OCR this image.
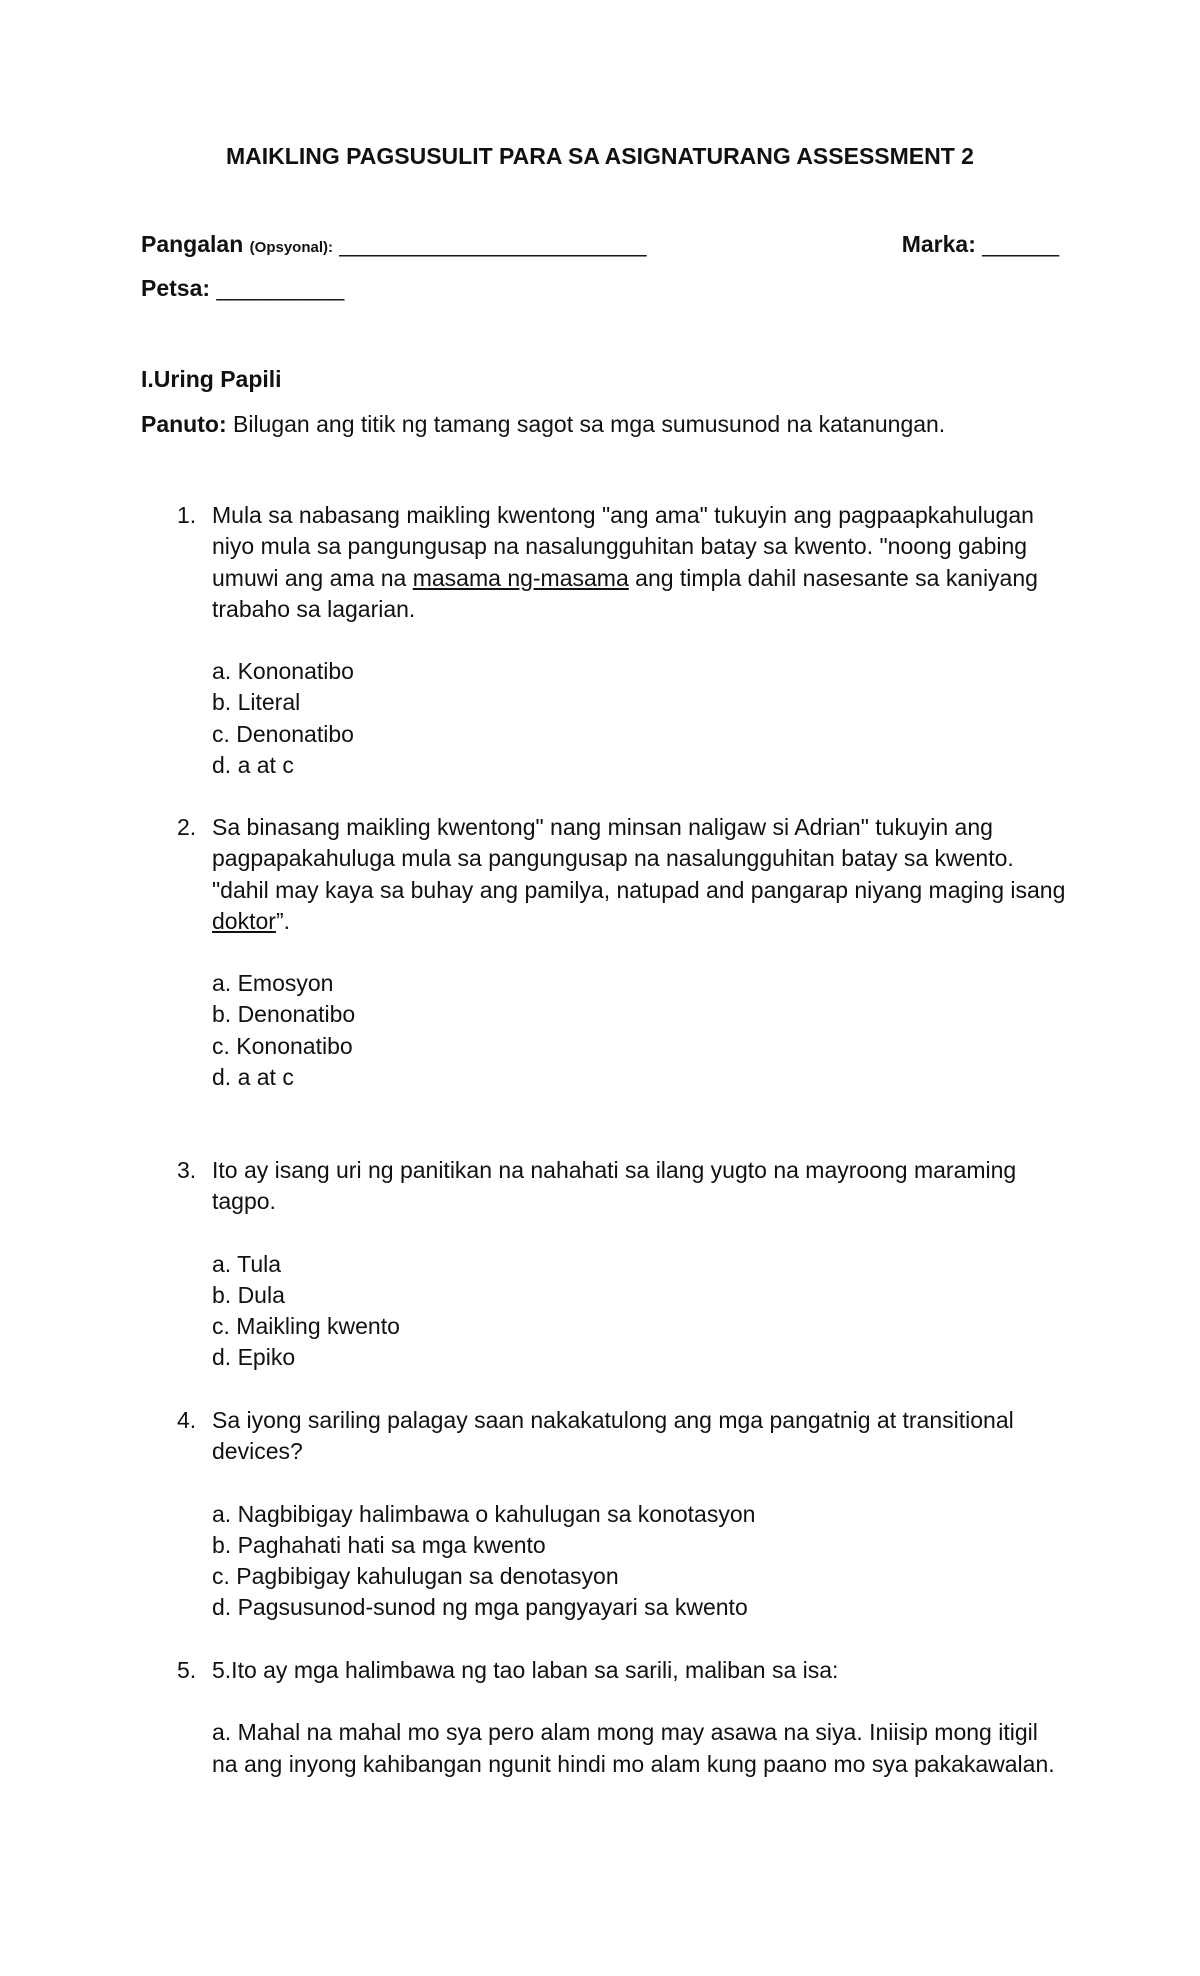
MAIKLING PAGSUSULIT PARA SA ASIGNATURANG ASSESSMENT 2
Pangalan (Opsyonal): ________________________	Marka: ______
Petsa: __________
I.Uring Papili
Panuto: Bilugan ang titik ng tamang sagot sa mga sumusunod na katanungan.
1. Mula sa nabasang maikling kwentong "ang ama" tukuyin ang pagpaapkahulugan niyo mula sa pangungusap na nasalungguhitan batay sa kwento. "noong gabing umuwi ang ama na masama ng-masama ang timpla dahil nasesante sa kaniyang trabaho sa lagarian.
a. Kononatibo
b. Literal
c. Denonatibo
d. a at c
2. Sa binasang maikling kwentong" nang minsan naligaw si Adrian" tukuyin ang pagpapakahuluga mula sa pangungusap na nasalungguhitan batay sa kwento. "dahil may kaya sa buhay ang pamilya, natupad and pangarap niyang maging isang doktor”.
a. Emosyon
b. Denonatibo
c. Kononatibo
d. a at c
3. Ito ay isang uri ng panitikan na nahahati sa ilang yugto na mayroong maraming tagpo.
a. Tula
b. Dula
c. Maikling kwento
d. Epiko
4. Sa iyong sariling palagay saan nakakatulong ang mga pangatnig at transitional devices?
a. Nagbibigay halimbawa o kahulugan sa konotasyon
b. Paghahati hati sa mga kwento
c. Pagbibigay kahulugan sa denotasyon
d. Pagsusunod-sunod ng mga pangyayari sa kwento
5. 5.Ito ay mga halimbawa ng tao laban sa sarili, maliban sa isa:
a. Mahal na mahal mo sya pero alam mong may asawa na siya. Iniisip mong itigil na ang inyong kahibangan ngunit hindi mo alam kung paano mo sya pakakawalan.
